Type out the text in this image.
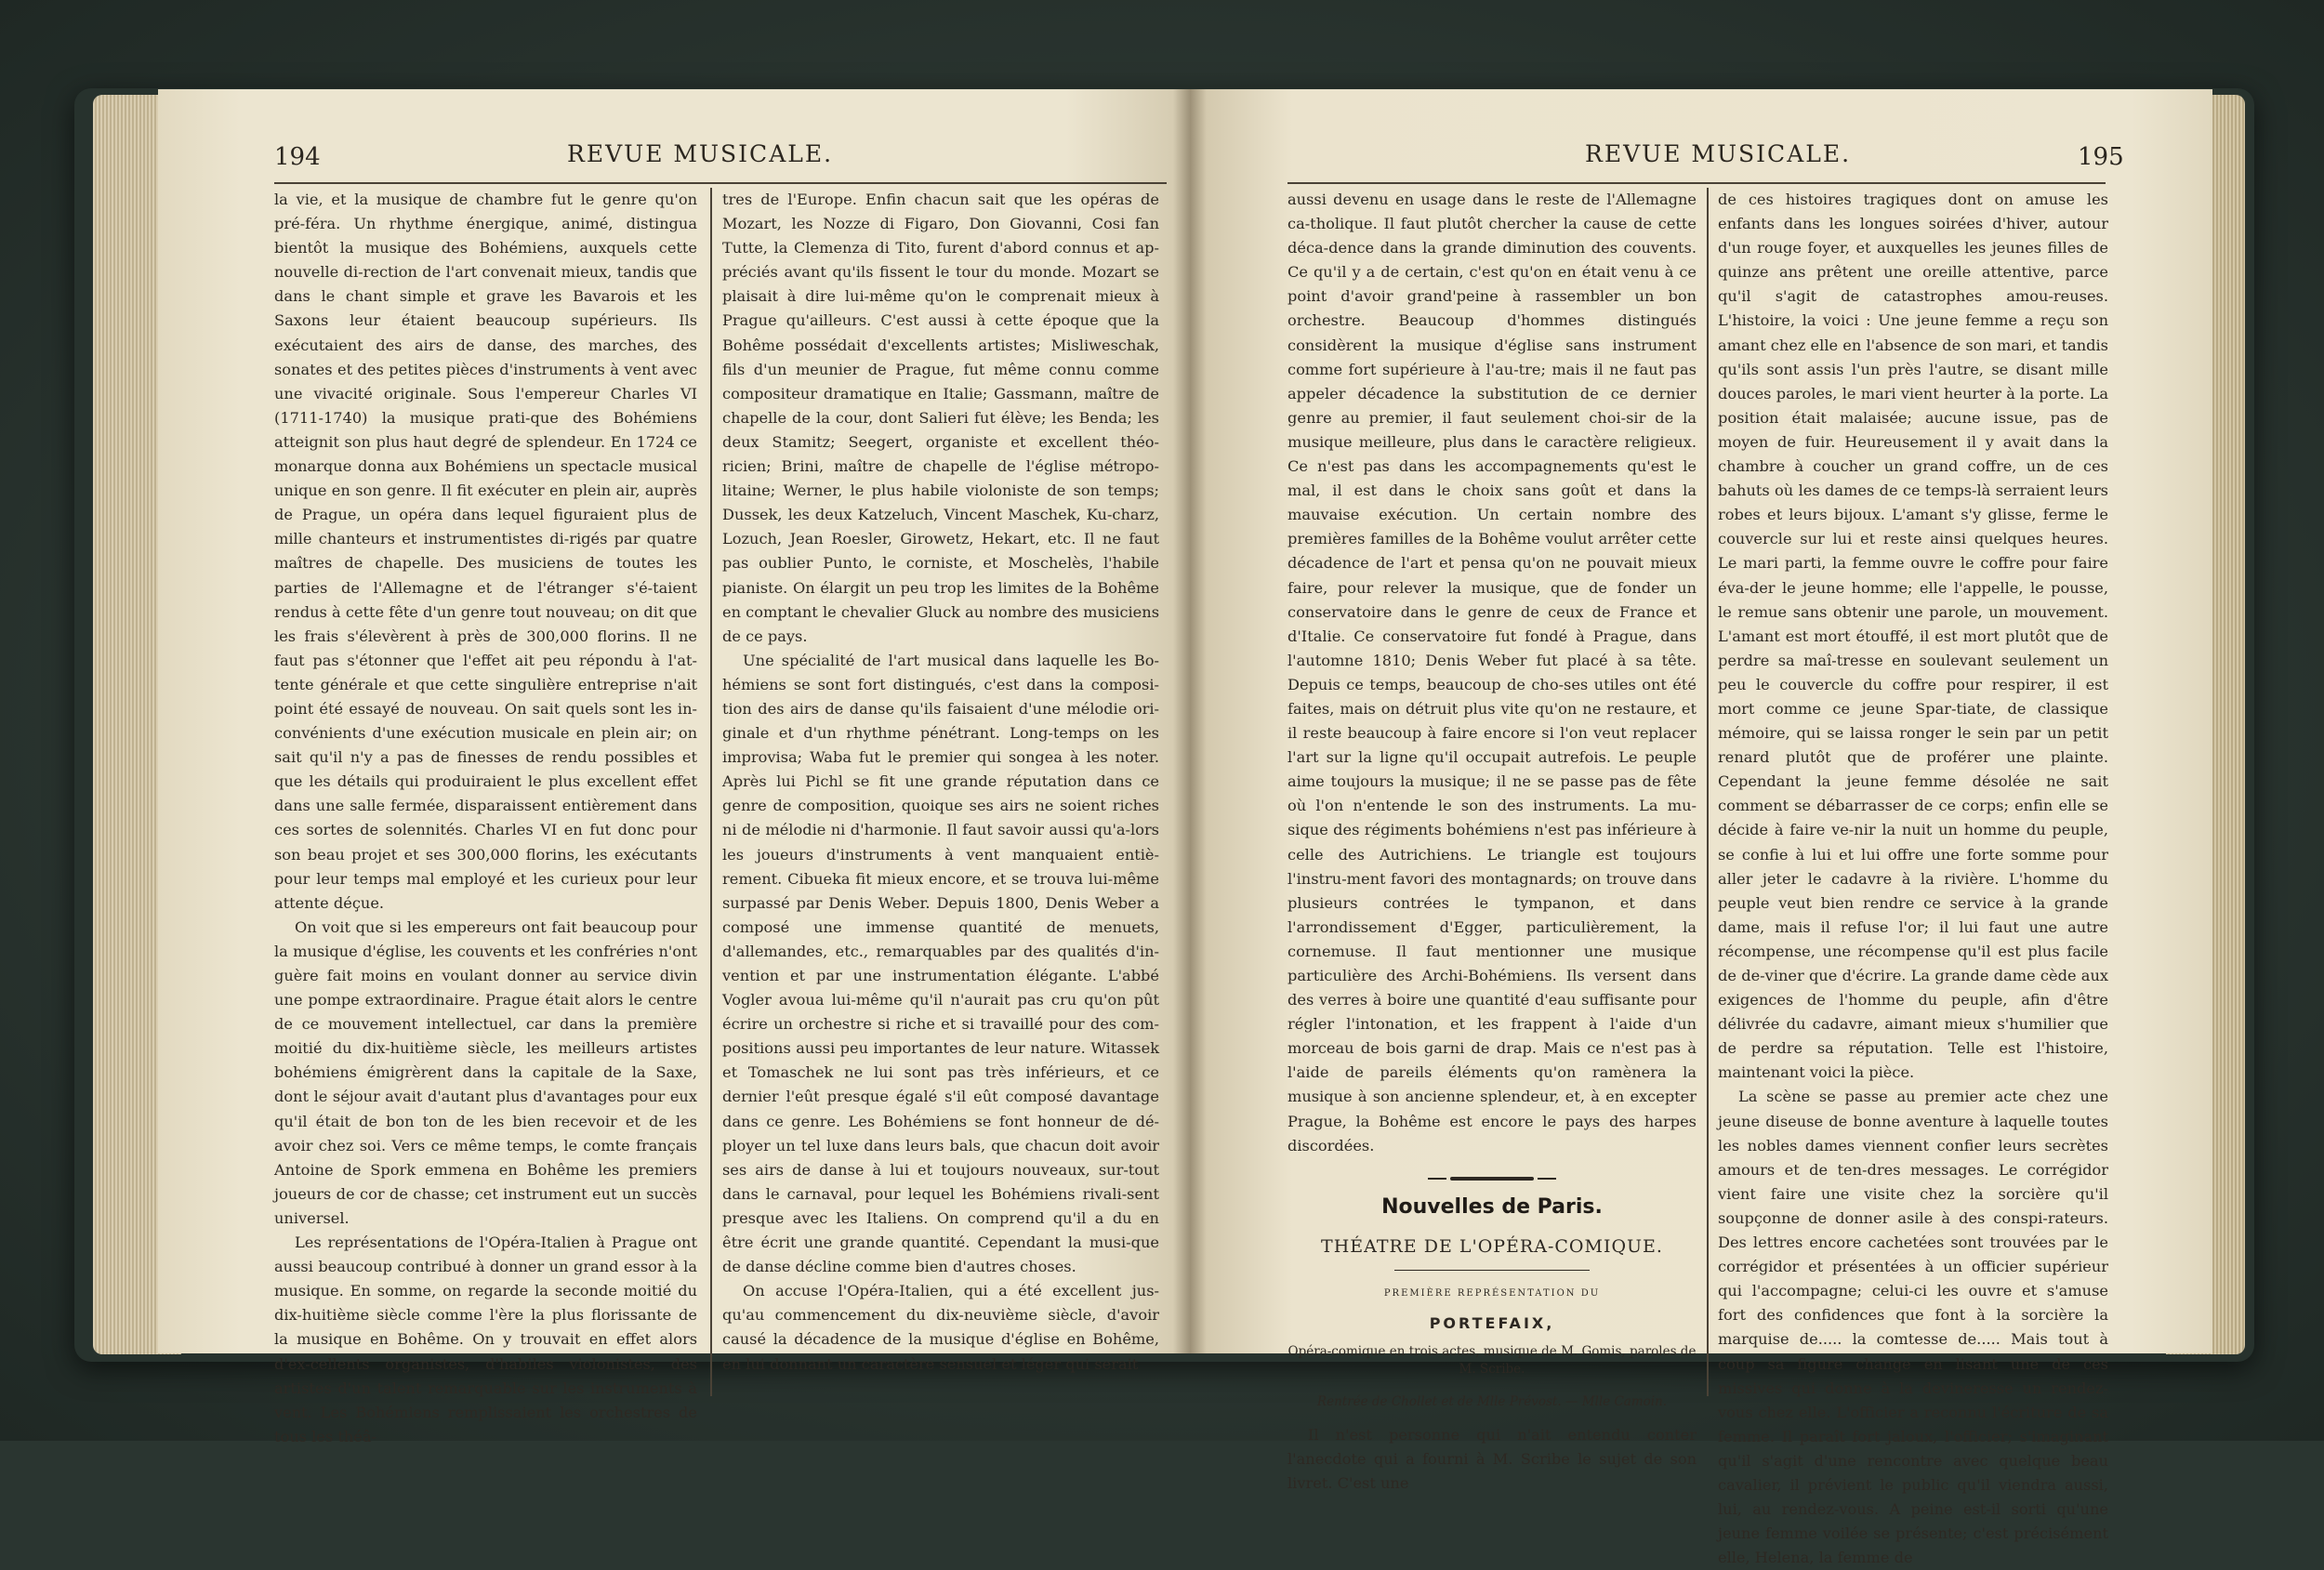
194	REVUE MUSICALE.

la vie, et la musique de chambre fut le genre qu'on pré-féra. Un rhythme énergique, animé, distingua bientôt la musique des Bohémiens, auxquels cette nouvelle di-rection de l'art convenait mieux, tandis que dans le chant simple et grave les Bavarois et les Saxons leur étaient beaucoup supérieurs. Ils exécutaient des airs de danse, des marches, des sonates et des petites pièces d'instruments à vent avec une vivacité originale. Sous l'empereur Charles VI (1711-1740) la musique prati-que des Bohémiens atteignit son plus haut degré de splendeur. En 1724 ce monarque donna aux Bohémiens un spectacle musical unique en son genre. Il fit exécuter en plein air, auprès de Prague, un opéra dans lequel figuraient plus de mille chanteurs et instrumentistes di-rigés par quatre maîtres de chapelle. Des musiciens de toutes les parties de l'Allemagne et de l'étranger s'é-taient rendus à cette fête d'un genre tout nouveau; on dit que les frais s'élevèrent à près de 300,000 florins. Il ne faut pas s'étonner que l'effet ait peu répondu à l'at-tente générale et que cette singulière entreprise n'ait point été essayé de nouveau. On sait quels sont les in-convénients d'une exécution musicale en plein air; on sait qu'il n'y a pas de finesses de rendu possibles et que les détails qui produiraient le plus excellent effet dans une salle fermée, disparaissent entièrement dans ces sortes de solennités. Charles VI en fut donc pour son beau projet et ses 300,000 florins, les exécutants pour leur temps mal employé et les curieux pour leur attente déçue.

On voit que si les empereurs ont fait beaucoup pour la musique d'église, les couvents et les confréries n'ont guère fait moins en voulant donner au service divin une pompe extraordinaire. Prague était alors le centre de ce mouvement intellectuel, car dans la première moitié du dix-huitième siècle, les meilleurs artistes bohémiens émigrèrent dans la capitale de la Saxe, dont le séjour avait d'autant plus d'avantages pour eux qu'il était de bon ton de les bien recevoir et de les avoir chez soi. Vers ce même temps, le comte français Antoine de Spork emmena en Bohême les premiers joueurs de cor de chasse; cet instrument eut un succès universel.

Les représentations de l'Opéra-Italien à Prague ont aussi beaucoup contribué à donner un grand essor à la musique. En somme, on regarde la seconde moitié du dix-huitième siècle comme l'ère la plus florissante de la musique en Bohême. On y trouvait en effet alors d'ex-cellents organistes, d'habiles violonistes, des artistes d'un talent remarquable sur les instruments à vent. Les Bohémiens remplissaient les orchestres de tous les théâ-

tres de l'Europe. Enfin chacun sait que les opéras de Mozart, les Nozze di Figaro, Don Giovanni, Cosi fan Tutte, la Clemenza di Tito, furent d'abord connus et ap-préciés avant qu'ils fissent le tour du monde. Mozart se plaisait à dire lui-même qu'on le comprenait mieux à Prague qu'ailleurs. C'est aussi à cette époque que la Bohême possédait d'excellents artistes; Misliweschak, fils d'un meunier de Prague, fut même connu comme compositeur dramatique en Italie; Gassmann, maître de chapelle de la cour, dont Salieri fut élève; les Benda; les deux Stamitz; Seegert, organiste et excellent théo-ricien; Brini, maître de chapelle de l'église métropo-litaine; Werner, le plus habile violoniste de son temps; Dussek, les deux Katzeluch, Vincent Maschek, Ku-charz, Lozuch, Jean Roesler, Girowetz, Hekart, etc. Il ne faut pas oublier Punto, le corniste, et Moschelès, l'habile pianiste. On élargit un peu trop les limites de la Bohême en comptant le chevalier Gluck au nombre des musiciens de ce pays.

Une spécialité de l'art musical dans laquelle les Bo-hémiens se sont fort distingués, c'est dans la composi-tion des airs de danse qu'ils faisaient d'une mélodie ori-ginale et d'un rhythme pénétrant. Long-temps on les improvisa; Waba fut le premier qui songea à les noter. Après lui Pichl se fit une grande réputation dans ce genre de composition, quoique ses airs ne soient riches ni de mélodie ni d'harmonie. Il faut savoir aussi qu'a-lors les joueurs d'instruments à vent manquaient entiè-rement. Cibueka fit mieux encore, et se trouva lui-même surpassé par Denis Weber. Depuis 1800, Denis Weber a composé une immense quantité de menuets, d'allemandes, etc., remarquables par des qualités d'in-vention et par une instrumentation élégante. L'abbé Vogler avoua lui-même qu'il n'aurait pas cru qu'on pût écrire un orchestre si riche et si travaillé pour des com-positions aussi peu importantes de leur nature. Witassek et Tomaschek ne lui sont pas très inférieurs, et ce dernier l'eût presque égalé s'il eût composé davantage dans ce genre. Les Bohémiens se font honneur de dé-ployer un tel luxe dans leurs bals, que chacun doit avoir ses airs de danse à lui et toujours nouveaux, sur-tout dans le carnaval, pour lequel les Bohémiens rivali-sent presque avec les Italiens. On comprend qu'il a du en être écrit une grande quantité. Cependant la musi-que de danse décline comme bien d'autres choses.

On accuse l'Opéra-Italien, qui a été excellent jus-qu'au commencement du dix-neuvième siècle, d'avoir causé la décadence de la musique d'église en Bohême, en lui donnant un caractère sensuel et léger qui serait

REVUE MUSICALE.	195

aussi devenu en usage dans le reste de l'Allemagne ca-tholique. Il faut plutôt chercher la cause de cette déca-dence dans la grande diminution des couvents. Ce qu'il y a de certain, c'est qu'on en était venu à ce point d'avoir grand'peine à rassembler un bon orchestre. Beaucoup d'hommes distingués considèrent la musique d'église sans instrument comme fort supérieure à l'au-tre; mais il ne faut pas appeler décadence la substitution de ce dernier genre au premier, il faut seulement choi-sir de la musique meilleure, plus dans le caractère religieux. Ce n'est pas dans les accompagnements qu'est le mal, il est dans le choix sans goût et dans la mauvaise exécution. Un certain nombre des premières familles de la Bohême voulut arrêter cette décadence de l'art et pensa qu'on ne pouvait mieux faire, pour relever la musique, que de fonder un conservatoire dans le genre de ceux de France et d'Italie. Ce conservatoire fut fondé à Prague, dans l'automne 1810; Denis Weber fut placé à sa tête. Depuis ce temps, beaucoup de cho-ses utiles ont été faites, mais on détruit plus vite qu'on ne restaure, et il reste beaucoup à faire encore si l'on veut replacer l'art sur la ligne qu'il occupait autrefois. Le peuple aime toujours la musique; il ne se passe pas de fête où l'on n'entende le son des instruments. La mu-sique des régiments bohémiens n'est pas inférieure à celle des Autrichiens. Le triangle est toujours l'instru-ment favori des montagnards; on trouve dans plusieurs contrées le tympanon, et dans l'arrondissement d'Egger, particulièrement, la cornemuse. Il faut mentionner une musique particulière des Archi-Bohémiens. Ils versent dans des verres à boire une quantité d'eau suffisante pour régler l'intonation, et les frappent à l'aide d'un morceau de bois garni de drap. Mais ce n'est pas à l'aide de pareils éléments qu'on ramènera la musique à son ancienne splendeur, et, à en excepter Prague, la Bohême est encore le pays des harpes discordées.

Nouvelles de Paris.
THÉATRE DE L'OPÉRA-COMIQUE.
PREMIÈRE REPRÉSENTATION DU
PORTEFAIX,
Opéra-comique en trois actes, musique de M. Gomis, paroles de M. Scribe.
Rentrée de Chollet et de Mlle Prévost. — Mlle Camoin.

Il n'est personne qui n'ait entendu conter l'anecdote qui a fourni à M. Scribe le sujet de son livret. C'est une

de ces histoires tragiques dont on amuse les enfants dans les longues soirées d'hiver, autour d'un rouge foyer, et auxquelles les jeunes filles de quinze ans prêtent une oreille attentive, parce qu'il s'agit de catastrophes amou-reuses. L'histoire, la voici : Une jeune femme a reçu son amant chez elle en l'absence de son mari, et tandis qu'ils sont assis l'un près l'autre, se disant mille douces paroles, le mari vient heurter à la porte. La position était malaisée; aucune issue, pas de moyen de fuir. Heureusement il y avait dans la chambre à coucher un grand coffre, un de ces bahuts où les dames de ce temps-là serraient leurs robes et leurs bijoux. L'amant s'y glisse, ferme le couvercle sur lui et reste ainsi quelques heures. Le mari parti, la femme ouvre le coffre pour faire éva-der le jeune homme; elle l'appelle, le pousse, le remue sans obtenir une parole, un mouvement. L'amant est mort étouffé, il est mort plutôt que de perdre sa maî-tresse en soulevant seulement un peu le couvercle du coffre pour respirer, il est mort comme ce jeune Spar-tiate, de classique mémoire, qui se laissa ronger le sein par un petit renard plutôt que de proférer une plainte. Cependant la jeune femme désolée ne sait comment se débarrasser de ce corps; enfin elle se décide à faire ve-nir la nuit un homme du peuple, se confie à lui et lui offre une forte somme pour aller jeter le cadavre à la rivière. L'homme du peuple veut bien rendre ce service à la grande dame, mais il refuse l'or; il lui faut une autre récompense, une récompense qu'il est plus facile de de-viner que d'écrire. La grande dame cède aux exigences de l'homme du peuple, afin d'être délivrée du cadavre, aimant mieux s'humilier que de perdre sa réputation. Telle est l'histoire, maintenant voici la pièce.

La scène se passe au premier acte chez une jeune diseuse de bonne aventure à laquelle toutes les nobles dames viennent confier leurs secrètes amours et de ten-dres messages. Le corrégidor vient faire une visite chez la sorcière qu'il soupçonne de donner asile à des conspi-rateurs. Des lettres encore cachetées sont trouvées par le corrégidor et présentées à un officier supérieur qui l'accompagne; celui-ci les ouvre et s'amuse fort des confidences que font à la sorcière la marquise de..... la comtesse de..... Mais tout à coup sa figure change en lisant une de ces missives qui donne à la devineresse un rendez-vous chez elle. L'officier a reconnu l'écriture de sa femme. Il paraît fort jaloux, l'officier; s'imaginant qu'il s'agit d'une rencontre avec quelque beau cavalier, il prévient le public qu'il viendra aussi, lui, au rendez-vous. A peine est-il sorti qu'une jeune femme voilée se présente; c'est précisément elle, Helena, la femme de
